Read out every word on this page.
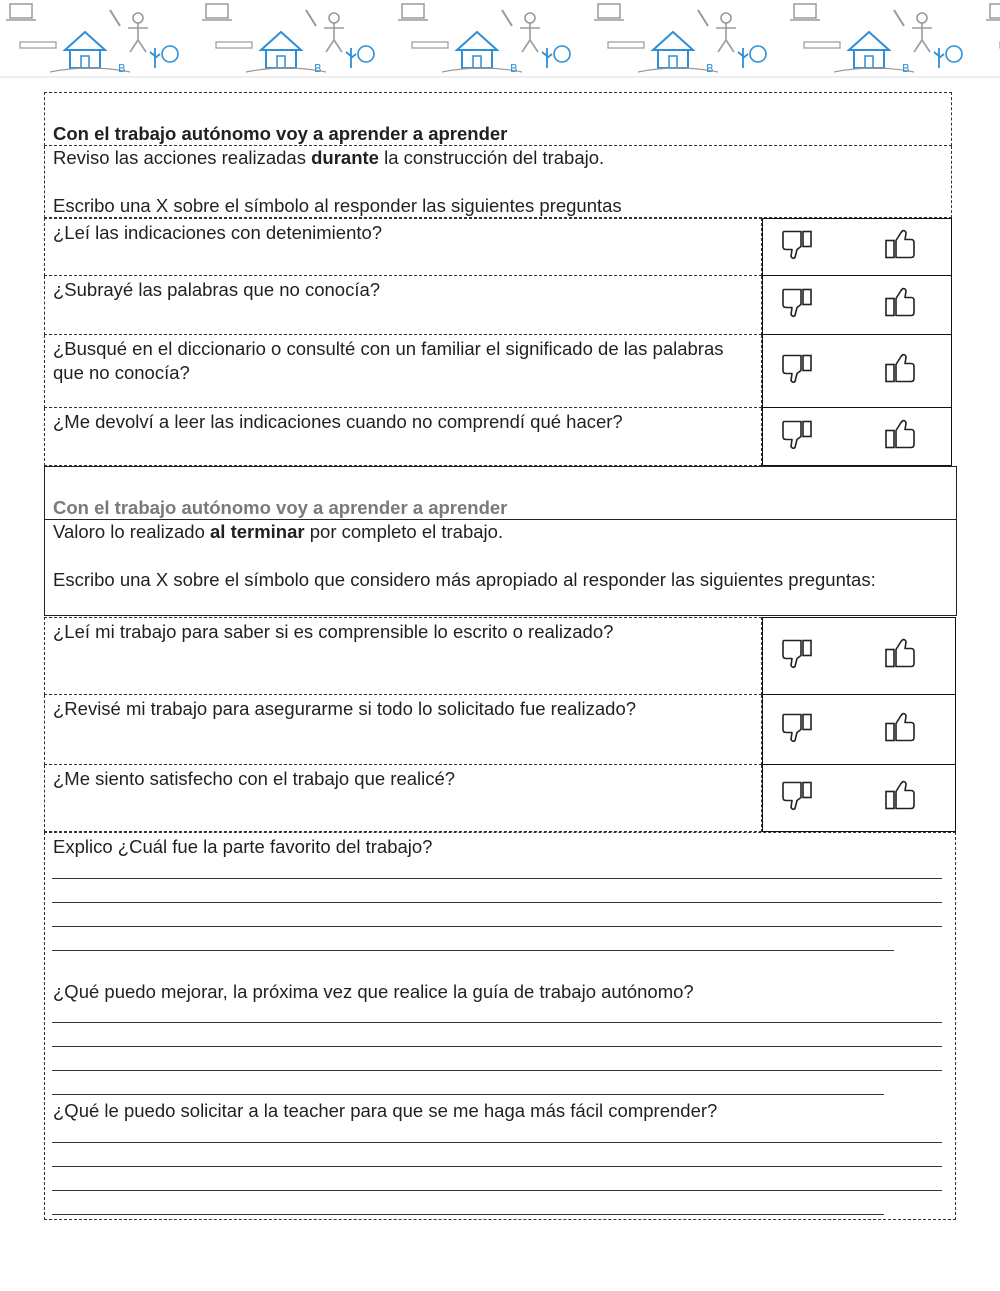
B	B	B	B	B
Con el trabajo autónomo voy a aprender a aprender

Reviso las acciones realizadas durante la construcción del trabajo.

Escribo una X sobre el símbolo al responder las siguientes preguntas

¿Leí las indicaciones con detenimiento?
¿Subrayé las palabras que no conocía?
¿Busqué en el diccionario o consulté con un familiar el significado de las palabras que no conocía?
¿Me devolví a leer las indicaciones cuando no comprendí qué hacer?
Con el trabajo autónomo voy a aprender a aprender

Valoro lo realizado al terminar por completo el trabajo.

Escribo una X sobre el símbolo que considero más apropiado al responder las siguientes preguntas:

¿Leí mi trabajo para saber si es comprensible lo escrito o realizado?
¿Revisé mi trabajo para asegurarme si todo lo solicitado fue realizado?
¿Me siento satisfecho con el trabajo que realicé?
Explico ¿Cuál fue la parte favorito del trabajo?
¿Qué puedo mejorar, la próxima vez que realice la guía de trabajo autónomo?
¿Qué le puedo solicitar a la teacher para que se me haga más fácil comprender?
